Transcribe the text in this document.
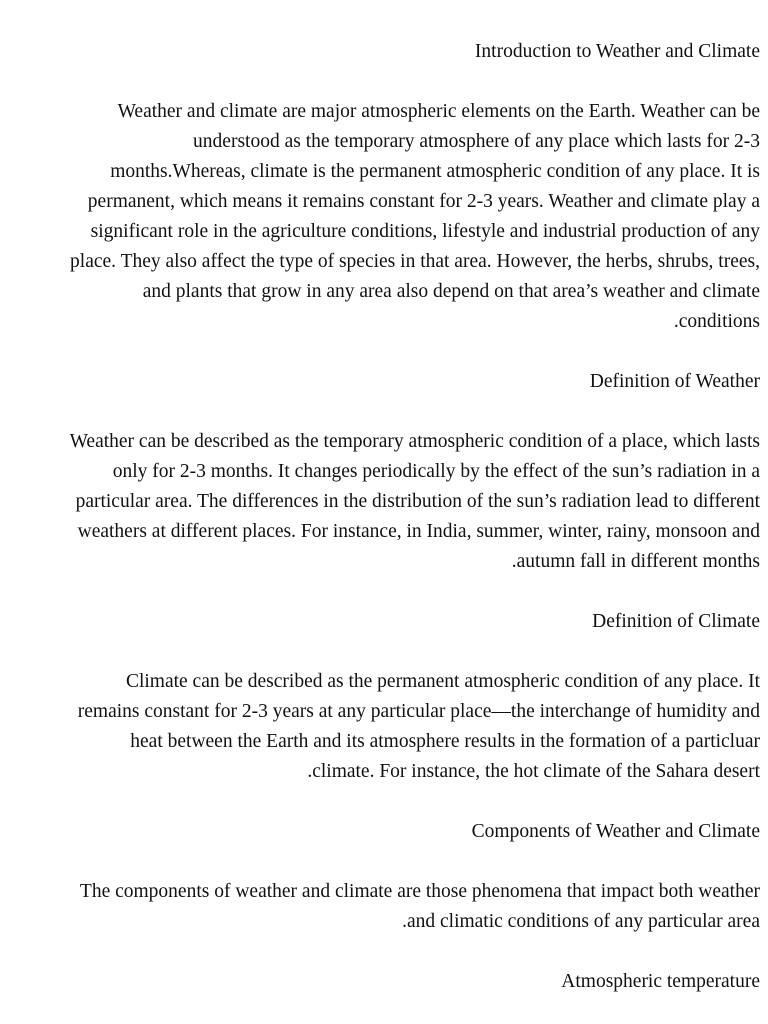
Introduction to Weather and Climate
Weather and climate are major atmospheric elements on the Earth. Weather can be
understood as the temporary atmosphere of any place which lasts for 2-3
months.Whereas, climate is the permanent atmospheric condition of any place. It is
permanent, which means it remains constant for 2-3 years. Weather and climate play a
significant role in the agriculture conditions, lifestyle and industrial production of any
place. They also affect the type of species in that area. However, the herbs, shrubs, trees,
and plants that grow in any area also depend on that area’s weather and climate
.conditions
Definition of Weather
Weather can be described as the temporary atmospheric condition of a place, which lasts
only for 2-3 months. It changes periodically by the effect of the sun’s radiation in a
particular area. The differences in the distribution of the sun’s radiation lead to different
weathers at different places. For instance, in India, summer, winter, rainy, monsoon and
.autumn fall in different months
Definition of Climate
Climate can be described as the permanent atmospheric condition of any place. It
remains constant for 2-3 years at any particular place—the interchange of humidity and
heat between the Earth and its atmosphere results in the formation of a particluar
.climate. For instance, the hot climate of the Sahara desert
Components of Weather and Climate
The components of weather and climate are those phenomena that impact both weather
.and climatic conditions of any particular area
Atmospheric temperature
